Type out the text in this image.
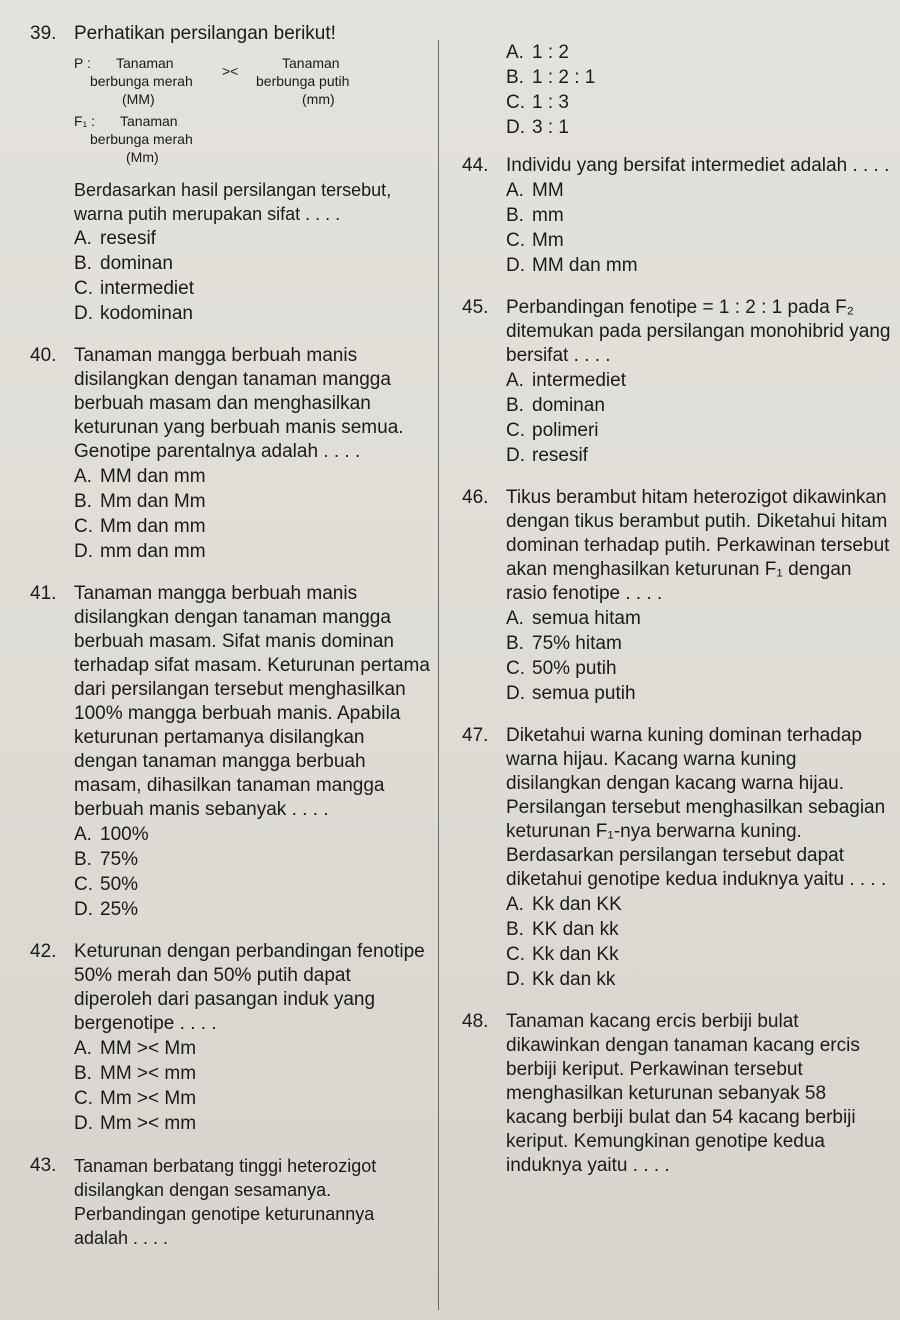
39. Perhatikan persilangan berikut!
P : Tanaman
berbunga merah
(MM)
><	Tanaman
berbunga putih
(mm)
F₁ : Tanaman
berbunga merah
(Mm)
Berdasarkan hasil persilangan tersebut, warna putih merupakan sifat . . . .
A. resesif
B. dominan
C. intermediet
D. kodominan
40. Tanaman mangga berbuah manis disilangkan dengan tanaman mangga berbuah masam dan menghasilkan keturunan yang berbuah manis semua. Genotipe parentalnya adalah . . . .
A. MM dan mm
B. Mm dan Mm
C. Mm dan mm
D. mm dan mm
41. Tanaman mangga berbuah manis disilangkan dengan tanaman mangga berbuah masam. Sifat manis dominan terhadap sifat masam. Keturunan pertama dari persilangan tersebut menghasilkan 100% mangga berbuah manis. Apabila keturunan pertamanya disilangkan dengan tanaman mangga berbuah masam, dihasilkan tanaman mangga berbuah manis sebanyak . . . .
A. 100%
B. 75%
C. 50%
D. 25%
42. Keturunan dengan perbandingan fenotipe 50% merah dan 50% putih dapat diperoleh dari pasangan induk yang bergenotipe . . . .
A. MM >< Mm
B. MM >< mm
C. Mm >< Mm
D. Mm >< mm
43. Tanaman berbatang tinggi heterozigot disilangkan dengan sesamanya. Perbandingan genotipe keturunannya adalah . . . .
A. 1 : 2
B. 1 : 2 : 1
C. 1 : 3
D. 3 : 1
44. Individu yang bersifat intermediet adalah . . . .
A. MM
B. mm
C. Mm
D. MM dan mm
45. Perbandingan fenotipe = 1 : 2 : 1 pada F₂ ditemukan pada persilangan monohibrid yang bersifat . . . .
A. intermediet
B. dominan
C. polimeri
D. resesif
46. Tikus berambut hitam heterozigot dikawinkan dengan tikus berambut putih. Diketahui hitam dominan terhadap putih. Perkawinan tersebut akan menghasilkan keturunan F₁ dengan rasio fenotipe . . . .
A. semua hitam
B. 75% hitam
C. 50% putih
D. semua putih
47. Diketahui warna kuning dominan terhadap warna hijau. Kacang warna kuning disilangkan dengan kacang warna hijau. Persilangan tersebut menghasilkan sebagian keturunan F₁-nya berwarna kuning. Berdasarkan persilangan tersebut dapat diketahui genotipe kedua induknya yaitu . . . .
A. Kk dan KK
B. KK dan kk
C. Kk dan Kk
D. Kk dan kk
48. Tanaman kacang ercis berbiji bulat dikawinkan dengan tanaman kacang ercis berbiji keriput. Perkawinan tersebut menghasilkan keturunan sebanyak 58 kacang berbiji bulat dan 54 kacang berbiji keriput. Kemungkinan genotipe kedua induknya yaitu . . . .
